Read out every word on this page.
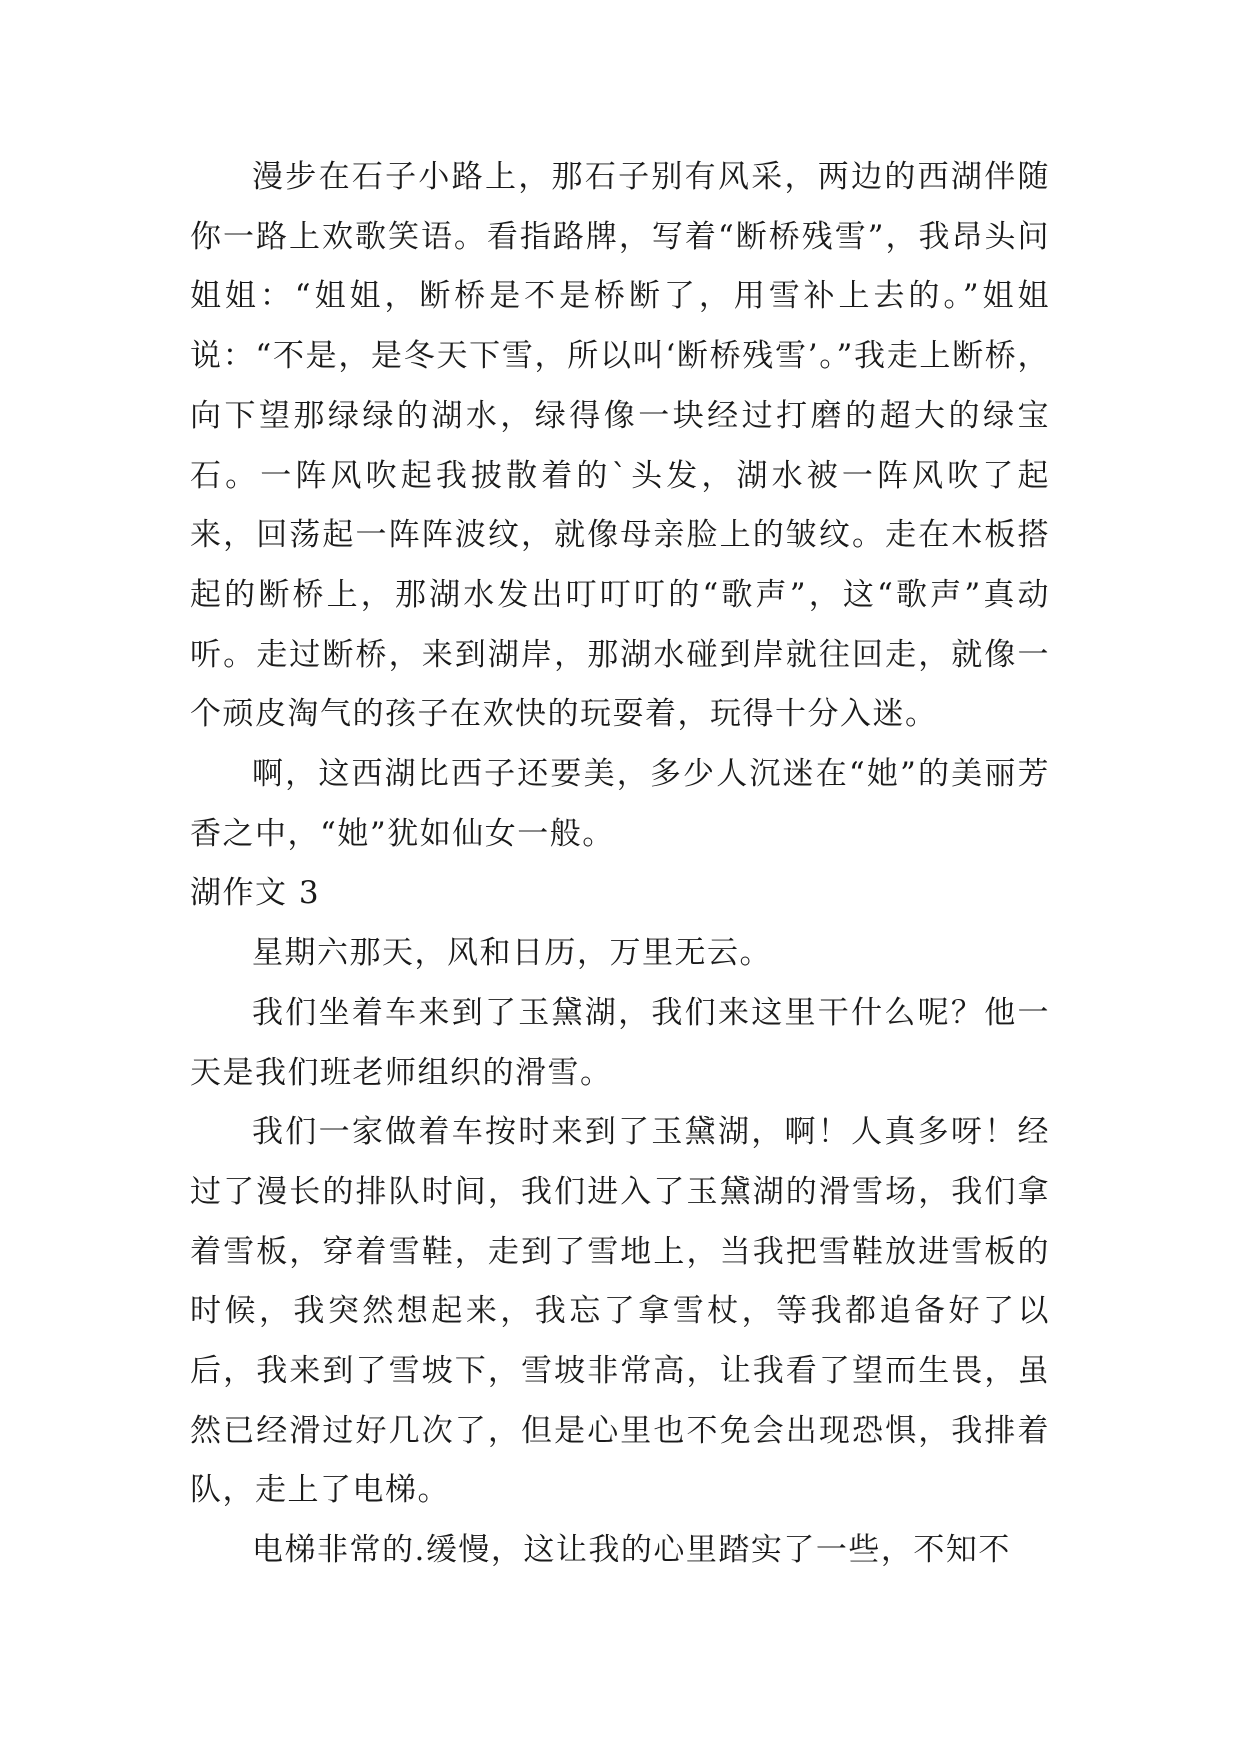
漫步在石子小路上，那石子别有风采，两边的西湖伴随你一路上欢歌笑语。看指路牌，写着“断桥残雪”，我昂头问姐姐：“姐姐，断桥是不是桥断了，用雪补上去的。”姐姐说：“不是，是冬天下雪，所以叫‘断桥残雪’。”我走上断桥，向下望那绿绿的湖水，绿得像一块经过打磨的超大的绿宝石。一阵风吹起我披散着的`头发，湖水被一阵风吹了起来，回荡起一阵阵波纹，就像母亲脸上的皱纹。走在木板搭起的断桥上，那湖水发出叮叮叮的“歌声”，这“歌声”真动听。走过断桥，来到湖岸，那湖水碰到岸就往回走，就像一个顽皮淘气的孩子在欢快的玩耍着，玩得十分入迷。

啊，这西湖比西子还要美，多少人沉迷在“她”的美丽芳香之中，“她”犹如仙女一般。

湖作文 3

星期六那天，风和日历，万里无云。

我们坐着车来到了玉黛湖，我们来这里干什么呢？他一天是我们班老师组织的滑雪。

我们一家做着车按时来到了玉黛湖，啊！人真多呀！经过了漫长的排队时间，我们进入了玉黛湖的滑雪场，我们拿着雪板，穿着雪鞋，走到了雪地上，当我把雪鞋放进雪板的时候，我突然想起来，我忘了拿雪杖，等我都追备好了以后，我来到了雪坡下，雪坡非常高，让我看了望而生畏，虽然已经滑过好几次了，但是心里也不免会出现恐惧，我排着队，走上了电梯。

电梯非常的.缓慢，这让我的心里踏实了一些，不知不
